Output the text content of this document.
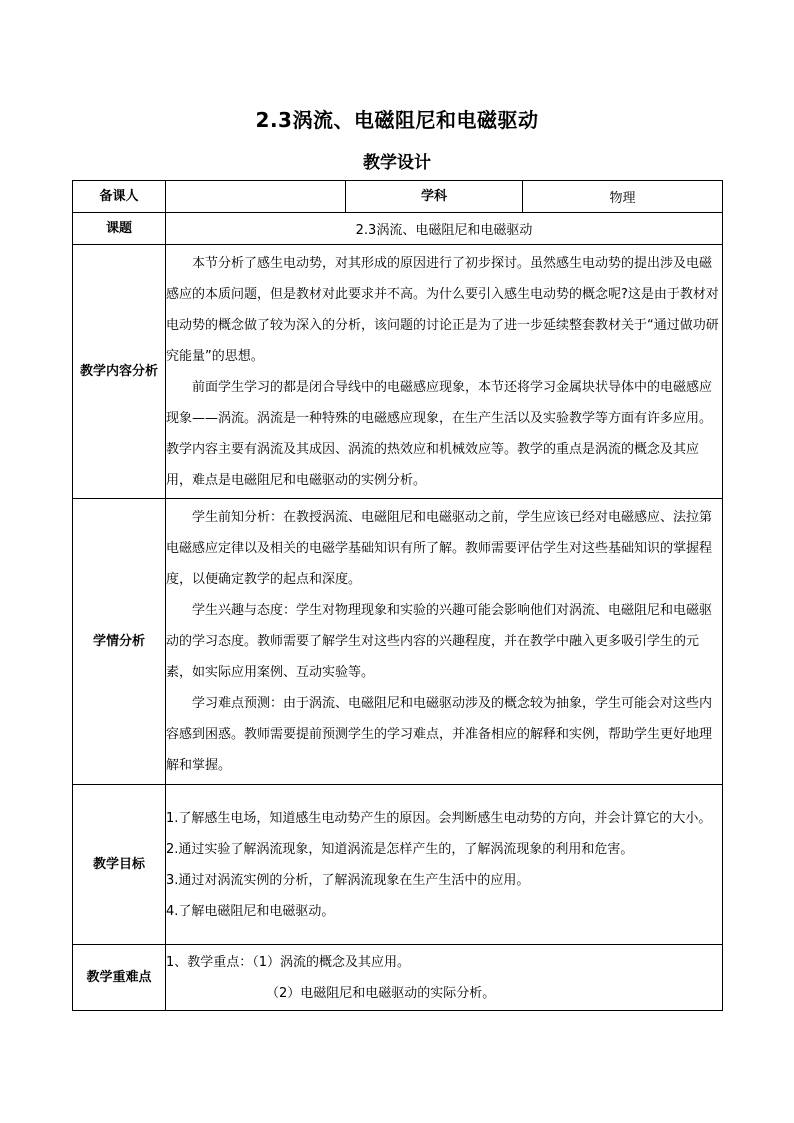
2.3涡流、电磁阻尼和电磁驱动
教学设计
备课人		学科	物理
课题	2.3涡流、电磁阻尼和电磁驱动		
教学内容分析	本节分析了感生电动势，对其形成的原因进行了初步探讨。虽然感生电动势的提出涉及电磁感应的本质问题，但是教材对此要求并不高。为什么要引入感生电动势的概念呢?这是由于教材对电动势的概念做了较为深入的分析，该问题的讨论正是为了进一步延续整套教材关于“通过做功研究能量”的思想。

前面学生学习的都是闭合导线中的电磁感应现象，本节还将学习金属块状导体中的电磁感应现象——涡流。涡流是一种特殊的电磁感应现象，在生产生活以及实验教学等方面有许多应用。教学内容主要有涡流及其成因、涡流的热效应和机械效应等。教学的重点是涡流的概念及其应用，难点是电磁阻尼和电磁驱动的实例分析。		

学情分析	学生前知分析：在教授涡流、电磁阻尼和电磁驱动之前，学生应该已经对电磁感应、法拉第电磁感应定律以及相关的电磁学基础知识有所了解。教师需要评估学生对这些基础知识的掌握程度，以便确定教学的起点和深度。

学生兴趣与态度：学生对物理现象和实验的兴趣可能会影响他们对涡流、电磁阻尼和电磁驱动的学习态度。教师需要了解学生对这些内容的兴趣程度，并在教学中融入更多吸引学生的元素，如实际应用案例、互动实验等。

学习难点预测：由于涡流、电磁阻尼和电磁驱动涉及的概念较为抽象，学生可能会对这些内容感到困惑。教师需要提前预测学生的学习难点，并准备相应的解释和实例，帮助学生更好地理解和掌握。		

教学目标	1.了解感生电场，知道感生电动势产生的原因。会判断感生电动势的方向，并会计算它的大小。

2.通过实验了解涡流现象，知道涡流是怎样产生的，了解涡流现象的利用和危害。

3.通过对涡流实例的分析，了解涡流现象在生产生活中的应用。

4.了解电磁阻尼和电磁驱动。		

教学重难点	1、教学重点：（1）涡流的概念及其应用。

（2）电磁阻尼和电磁驱动的实际分析。		
